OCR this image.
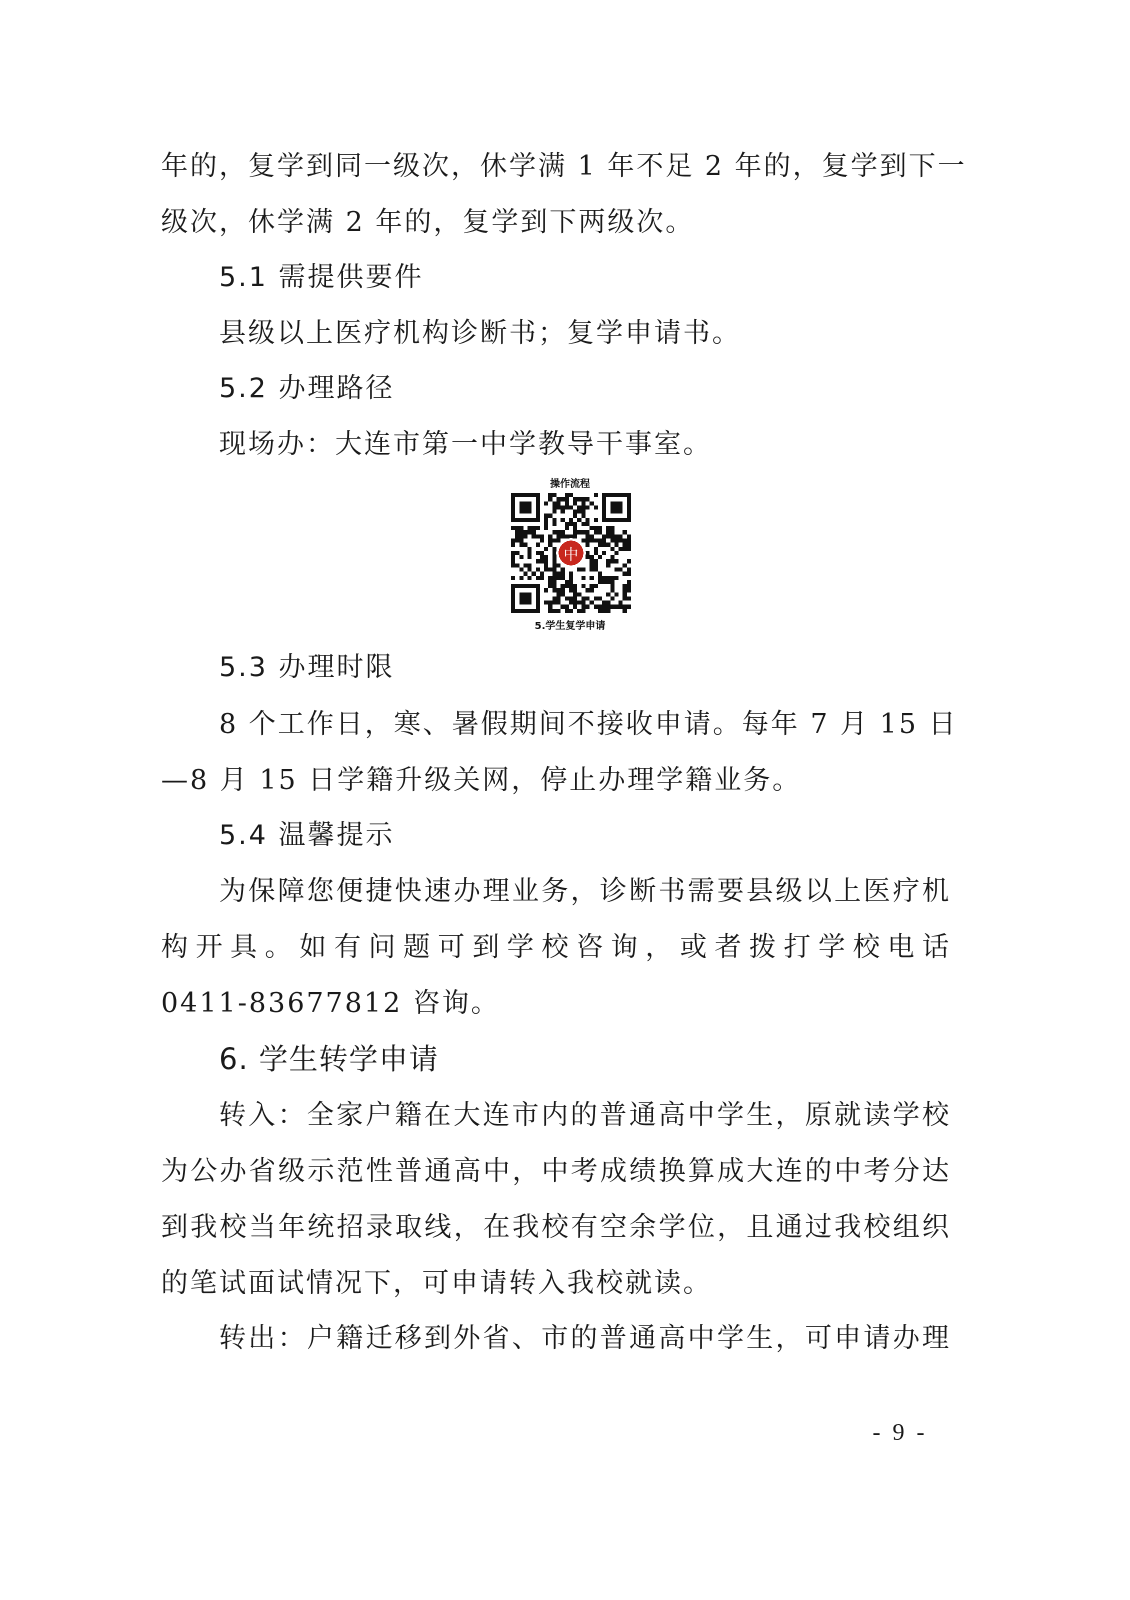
年的，复学到同一级次，休学满 1 年不足 2 年的，复学到下一
级次，休学满 2 年的，复学到下两级次。
5.1 需提供要件
县级以上医疗机构诊断书；复学申请书。
5.2 办理路径
现场办：大连市第一中学教导干事室。
操作流程
中
5.学生复学申请
5.3 办理时限
8 个工作日，寒、暑假期间不接收申请。每年 7 月 15 日
—8 月 15 日学籍升级关网，停止办理学籍业务。
5.4 温馨提示
为保障您便捷快速办理业务，诊断书需要县级以上医疗机
构开具。如有问题可到学校咨询，或者拨打学校电话
0411-83677812 咨询。
6. 学生转学申请
转入：全家户籍在大连市内的普通高中学生，原就读学校
为公办省级示范性普通高中，中考成绩换算成大连的中考分达
到我校当年统招录取线，在我校有空余学位，且通过我校组织
的笔试面试情况下，可申请转入我校就读。
转出：户籍迁移到外省、市的普通高中学生，可申请办理
- 9 -
